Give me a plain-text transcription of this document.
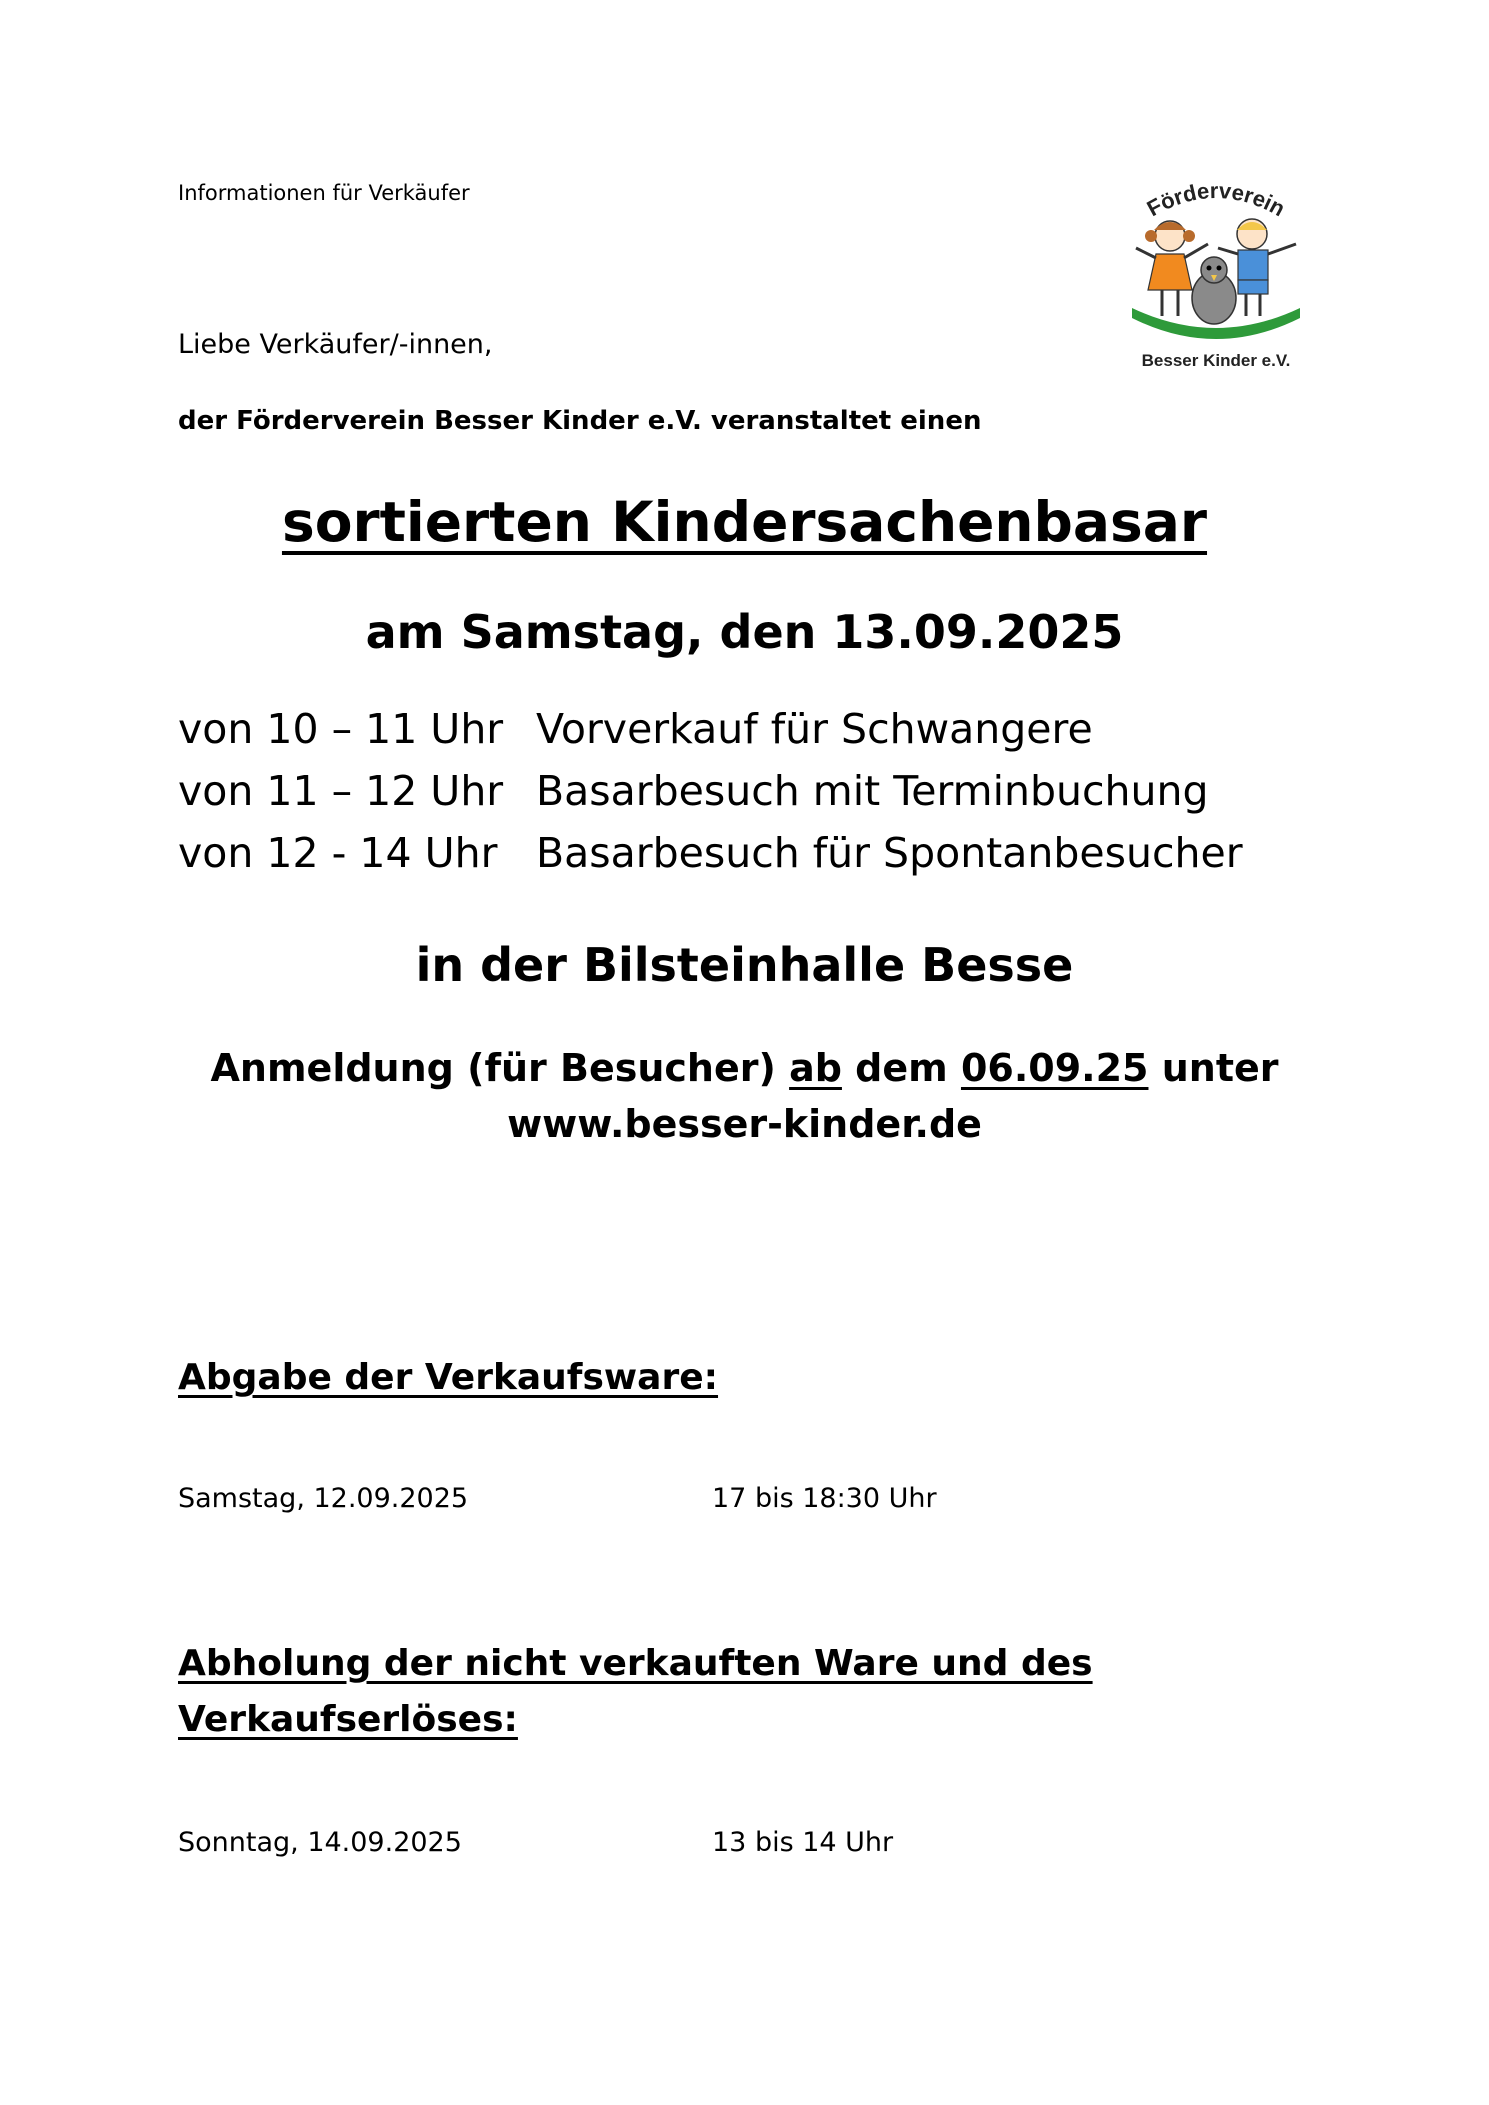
Informationen für Verkäufer	Förderverein
Besser Kinder e.V.
Liebe Verkäufer/-innen,
der Förderverein Besser Kinder e.V. veranstaltet einen
sortierten Kindersachenbasar
am Samstag, den 13.09.2025
von 10 – 11 Uhr Vorverkauf für Schwangere
von 11 – 12 Uhr Basarbesuch mit Terminbuchung
von 12 - 14 Uhr Basarbesuch für Spontanbesucher
in der Bilsteinhalle Besse
Anmeldung (für Besucher) ab dem 06.09.25 unter
www.besser-kinder.de
Abgabe der Verkaufsware:
Samstag, 12.09.2025	17 bis 18:30 Uhr
Abholung der nicht verkauften Ware und des
Verkaufserlöses:
Sonntag, 14.09.2025	13 bis 14 Uhr
